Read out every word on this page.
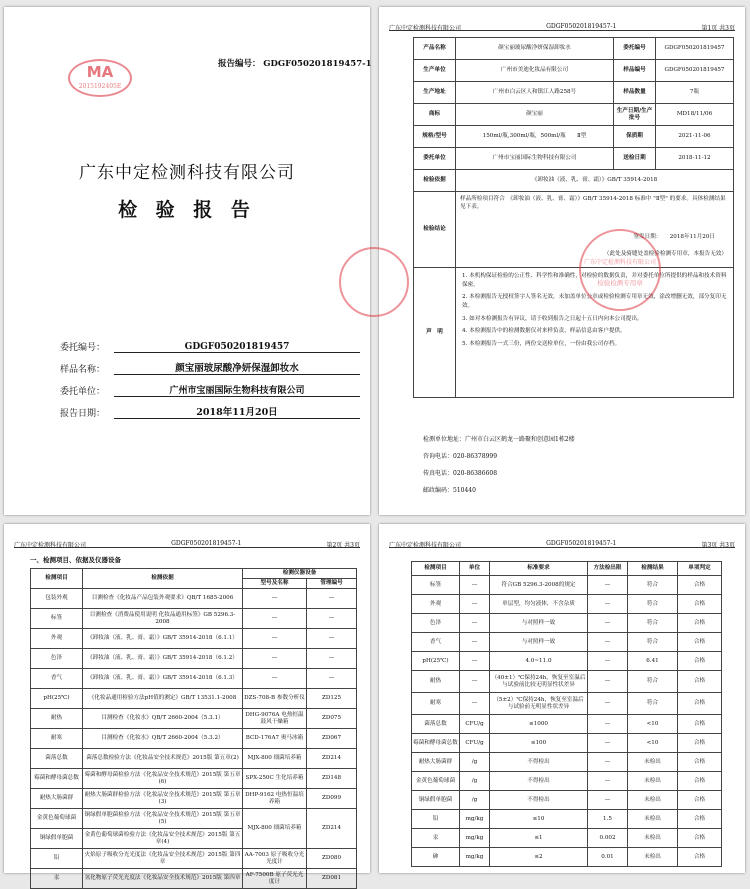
MA
2015192405E
报告编号： GDGF050201819457-1
广东中定检测科技有限公司
检 验 报 告
委托编号：	GDGF050201819457
样品名称：	颜宝丽玻尿酸净妍保湿卸妆水
委托单位：	广州市宝丽国际生物科技有限公司
报告日期：	2018年11月20日
广东中定检测科技有限公司	GDGF050201819457-1	第1页 共3页
产品名称	颜宝丽玻尿酸净妍保湿卸妆水	委托编号	GDGF050201819457
生产单位	广州市美迪化妆品有限公司	样品编号	GDGF050201819457
生产地址	广州市白云区人和镇江人路258号	样品数量	7瓶
商标	颜宝丽	生产日期/生产批号	MD18/11/06
规格/型号	150ml/瓶,300ml/瓶，500ml/瓶　　Ⅱ型	保质期	2021-11-06
委托单位	广州市宝丽国际生物科技有限公司	送检日期	2018-11-12
检验依据	《卸妆油（液、乳、膏、霜）》GB/T 35914-2018		
检验结论	样品所检项目符合　《卸妆油（液、乳、膏、霜）》GB/T 35914-2018 标准中 "Ⅱ型" 的要求。具体检测结果见下表。
签发日期：　　2018年11月20日
（此处及骑缝处盖检验检测专用章，本报告无效）		

声　明	1. 本机构保证检验的公正性、科学性和准确性，对检验的数据负责，并对委托单位所提供的样品和技术资料保密。
2. 本检测报告无授权签字人签名无效，未加盖单位公章或检验检测专用章无效，涂改增删无效，部分复印无效。
3. 如对本检测报告有异议，请于收到报告之日起十五日内向本公司提出。
4. 本检测报告中的检测数据仅对来样负责，样品信息由客户提供。
5. 本检测报告一式三份，两份交送检单位，一份由我公司存档。		
检测单位地址：广州市白云区鹤龙一路聚和创意园1栋2楼
咨询电话：020-86378999
传真电话：020-86386608
邮政编码：510440
广东中定检测科技有限公司
检验检测专用章
广东中定检测科技有限公司	GDGF050201819457-1	第2页 共3页
一、检测项目、依据及仪器设备
检测项目	检测依据	检测仪器设备	
		型号及名称	管理编号
包装外观	目测检查《化妆品产品包装外观要求》QB/T 1685-2006	—	—
标签	目测检查《消费品使用说明 化妆品通用标签》GB 5296.3-2008	—	—
外观	《卸妆油（液、乳、膏、霜）》GB/T 35914-2018（6.1.1）	—	—
色泽	《卸妆油（液、乳、膏、霜）》GB/T 35914-2018（6.1.2）	—	—
香气	《卸妆油（液、乳、膏、霜）》GB/T 35914-2018（6.1.3）	—	—
pH(25℃)	《化妆品通用检验方法pH值的测定》GB/T 13531.1-2008	DZS-708-B 参数分析仪	ZD125
耐热	目测检查《化妆水》QB/T 2660-2004（5.3.1）	DHG-9076A 电热恒温鼓风干燥箱	ZD075
耐寒	目测检查《化妆水》QB/T 2660-2004（5.3.2）	BCD-176A7 奥马冰箱	ZD067
菌落总数	菌落总数检验方法《化妆品安全技术规范》2015版 第五章(2)	MJX-800 细菌培养箱	ZD214
霉菌和酵母菌总数	霉菌和酵母菌检验方法《化妆品安全技术规范》2015版 第五章(6)	SPX-250C 生化培养箱	ZD148
耐热大肠菌群	耐热大肠菌群检验方法《化妆品安全技术规范》2015版 第五章(3)	DHP-9162 电热恒温培养箱	ZD099
金黄色葡萄球菌	铜绿假单胞菌检验方法《化妆品安全技术规范》2015版 第五章(5)	MJX-800 细菌培养箱	ZD214
铜绿假单胞菌	金黄色葡萄球菌检验方法《化妆品安全技术规范》2015版 第五章(4)		
铅	火焰原子吸收分光光度法《化妆品安全技术规范》2015版 第四章	AA-7003 原子吸收分光光度计	ZD080
汞	氢化物原子荧光光度法《化妆品安全技术规范》2015版 第四章	AF-7500B 原子荧光光度计	ZD081
广东中定检测科技有限公司	GDGF050201819457-1	第3页 共3页
检测项目	单位	标准要求	方法检出限	检测结果	单项判定
标签	—	符合GB 5296.3-2008的规定	—	符合	合格
外观	—	单层型，均匀液体，不含杂质	—	符合	合格
色泽	—	与对照样一致	—	符合	合格
香气	—	与对照样一致	—	符合	合格
pH(25℃)	—	4.0~11.0	—	6.41	合格
耐热	—	（40±1）℃保持24h，恢复至室温后与试验前比较无明显性状差异	—	符合	合格
耐寒	—	（5±2）℃保持24h，恢复至室温后与试验前无明显性状差异	—	符合	合格
菌落总数	CFU/g	≤1000	—	<10	合格
霉菌和酵母菌总数	CFU/g	≤100	—	<10	合格
耐热大肠菌群	/g	不得检出	—	未检出	合格
金黄色葡萄球菌	/g	不得检出	—	未检出	合格
铜绿假单胞菌	/g	不得检出	—	未检出	合格
铅	mg/kg	≤10	1.5	未检出	合格
汞	mg/kg	≤1	0.002	未检出	合格
砷	mg/kg	≤2	0.01	未检出	合格
